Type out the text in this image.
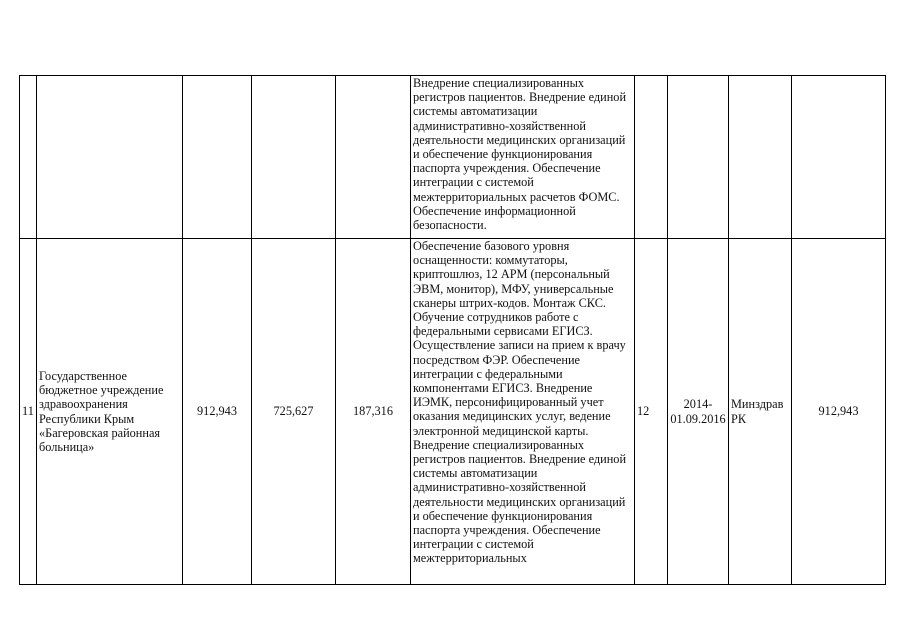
					Внедрение специализированных регистров пациентов. Внедрение единой системы автоматизации административно-хозяйственной деятельности медицинских организаций и обеспечение функционирования паспорта учреждения. Обеспечение интеграции с системой межтерриториальных расчетов ФОМС. Обеспечение информационной безопасности.				
11	Государственное бюджетное учреждение здравоохранения Республики Крым «Багеровская районная больница»	912,943	725,627	187,316	Обеспечение базового уровня оснащенности: коммутаторы, криптошлюз, 12 АРМ (персональный ЭВМ, монитор), МФУ, универсальные сканеры штрих-кодов. Монтаж СКС. Обучение сотрудников работе с федеральными сервисами ЕГИСЗ. Осуществление записи на прием к врачу посредством ФЭР. Обеспечение интеграции с федеральными компонентами ЕГИСЗ. Внедрение ИЭМК, персонифицированный учет оказания медицинских услуг, ведение электронной медицинской карты. Внедрение специализированных регистров пациентов. Внедрение единой системы автоматизации административно-хозяйственной деятельности медицинских организаций и обеспечение функционирования паспорта учреждения. Обеспечение интеграции с системой межтерриториальных	12	2014-01.09.2016	Минздрав РК	912,943
